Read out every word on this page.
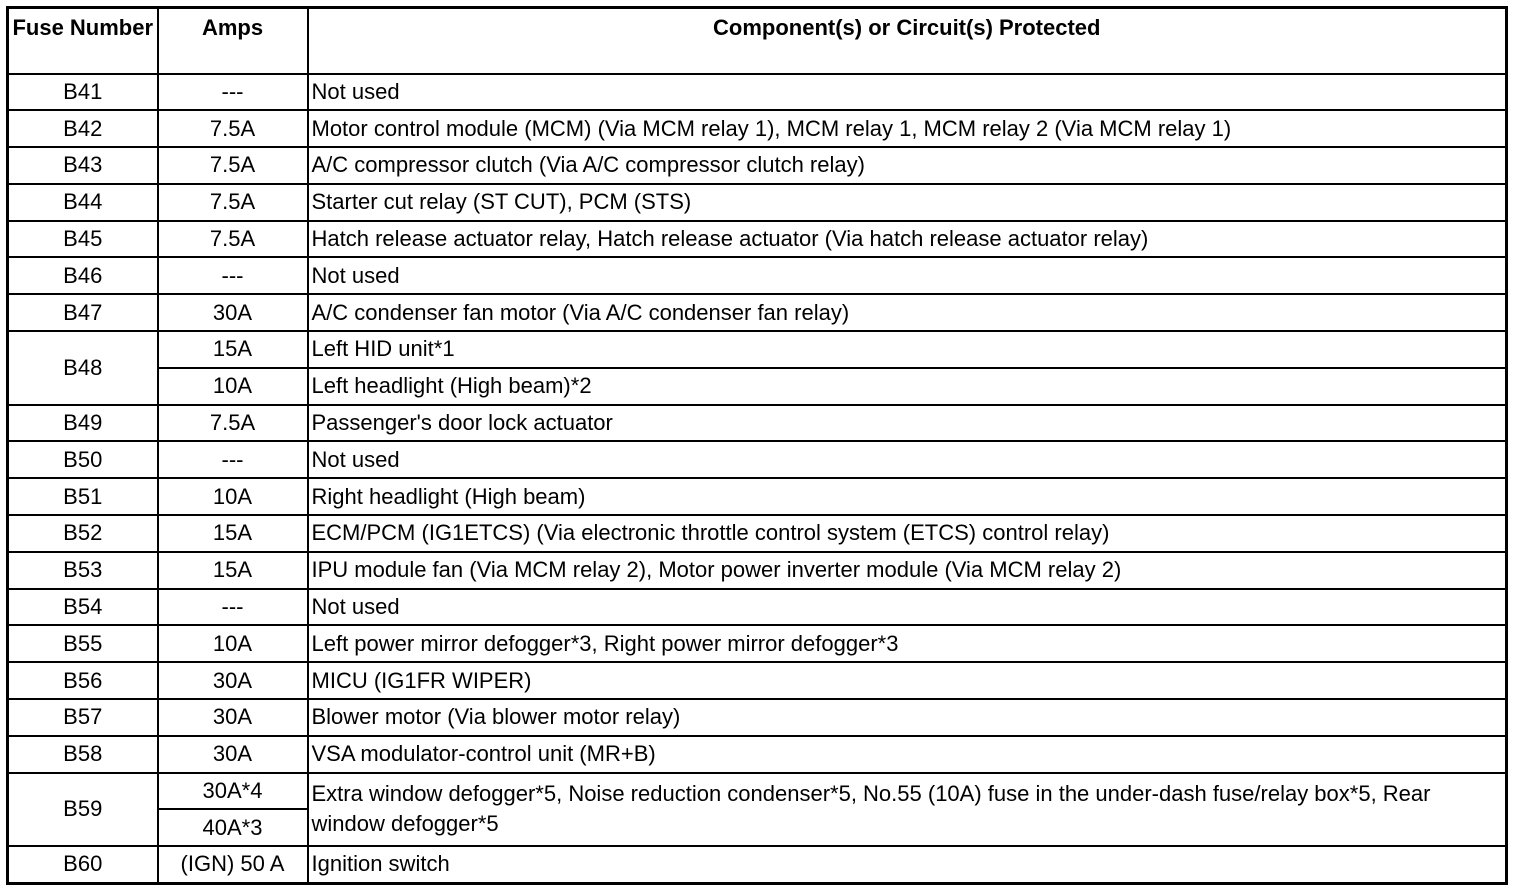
Fuse Number	Amps	Component(s) or Circuit(s) Protected
B41	---	Not used
B42	7.5A	Motor control module (MCM) (Via MCM relay 1), MCM relay 1, MCM relay 2 (Via MCM relay 1)
B43	7.5A	A/C compressor clutch (Via A/C compressor clutch relay)
B44	7.5A	Starter cut relay (ST CUT), PCM (STS)
B45	7.5A	Hatch release actuator relay, Hatch release actuator (Via hatch release actuator relay)
B46	---	Not used
B47	30A	A/C condenser fan motor (Via A/C condenser fan relay)
B48	15A	Left HID unit*1
	10A	Left headlight (High beam)*2
B49	7.5A	Passenger's door lock actuator
B50	---	Not used
B51	10A	Right headlight (High beam)
B52	15A	ECM/PCM (IG1ETCS) (Via electronic throttle control system (ETCS) control relay)
B53	15A	IPU module fan (Via MCM relay 2), Motor power inverter module (Via MCM relay 2)
B54	---	Not used
B55	10A	Left power mirror defogger*3, Right power mirror defogger*3
B56	30A	MICU (IG1FR WIPER)
B57	30A	Blower motor (Via blower motor relay)
B58	30A	VSA modulator-control unit (MR+B)
B59	30A*4	Extra window defogger*5, Noise reduction condenser*5, No.55 (10A) fuse in the under-dash fuse/relay box*5, Rear window defogger*5
	40A*3	
B60	(IGN) 50 A	Ignition switch
